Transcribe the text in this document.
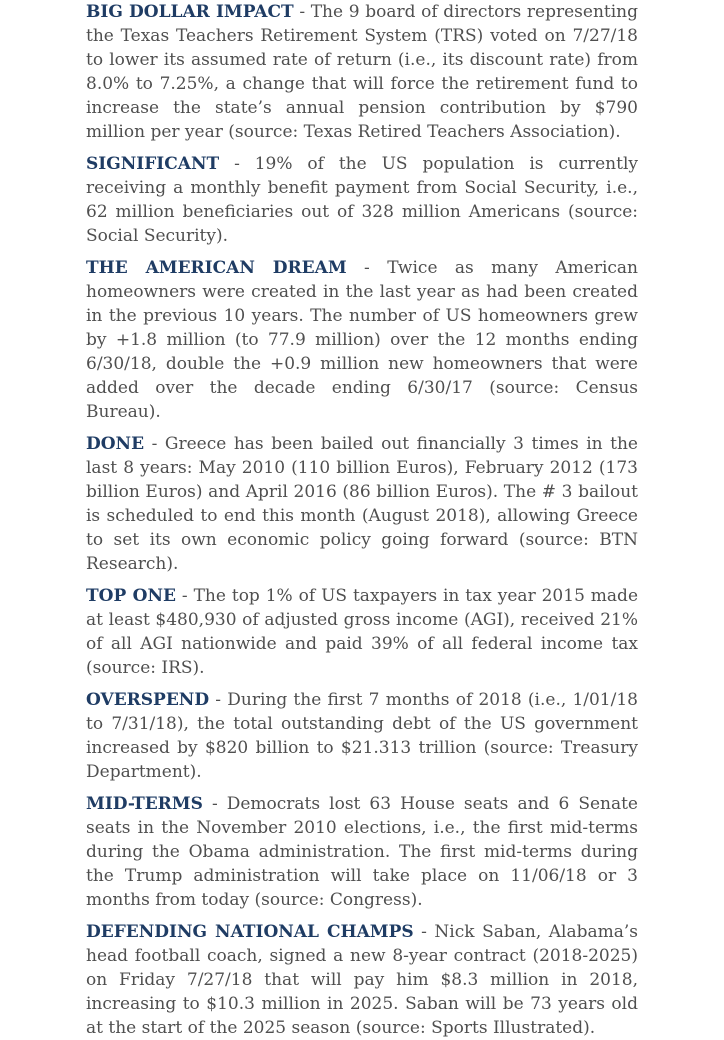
BIG DOLLAR IMPACT - The 9 board of directors representing the Texas Teachers Retirement System (TRS) voted on 7/27/18 to lower its assumed rate of return (i.e., its discount rate) from 8.0% to 7.25%, a change that will force the retirement fund to increase the state’s annual pension contribution by $790 million per year (source: Texas Retired Teachers Association).

SIGNIFICANT - 19% of the US population is currently receiving a monthly benefit payment from Social Security, i.e., 62 million beneficiaries out of 328 million Americans (source: Social Security).

THE AMERICAN DREAM - Twice as many American homeowners were created in the last year as had been created in the previous 10 years. The number of US homeowners grew by +1.8 million (to 77.9 million) over the 12 months ending 6/30/18, double the +0.9 million new homeowners that were added over the decade ending 6/30/17 (source: Census Bureau).

DONE - Greece has been bailed out financially 3 times in the last 8 years: May 2010 (110 billion Euros), February 2012 (173 billion Euros) and April 2016 (86 billion Euros). The # 3 bailout is scheduled to end this month (August 2018), allowing Greece to set its own economic policy going forward (source: BTN Research).

TOP ONE - The top 1% of US taxpayers in tax year 2015 made at least $480,930 of adjusted gross income (AGI), received 21% of all AGI nationwide and paid 39% of all federal income tax (source: IRS).

OVERSPEND - During the first 7 months of 2018 (i.e., 1/01/18 to 7/31/18), the total outstanding debt of the US government increased by $820 billion to $21.313 trillion (source: Treasury Department).

MID-TERMS - Democrats lost 63 House seats and 6 Senate seats in the November 2010 elections, i.e., the first mid-terms during the Obama administration. The first mid-terms during the Trump administration will take place on 11/06/18 or 3 months from today (source: Congress).

DEFENDING NATIONAL CHAMPS - Nick Saban, Alabama’s head football coach, signed a new 8-year contract (2018-2025) on Friday 7/27/18 that will pay him $8.3 million in 2018, increasing to $10.3 million in 2025. Saban will be 73 years old at the start of the 2025 season (source: Sports Illustrated).
